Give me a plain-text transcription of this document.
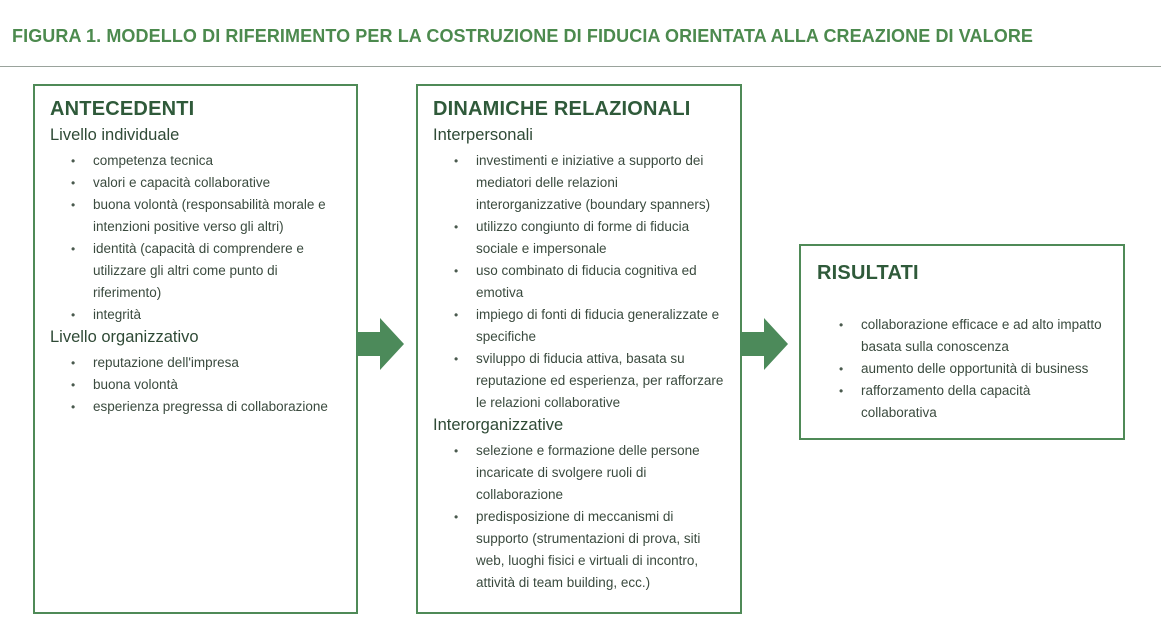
FIGURA 1. MODELLO DI RIFERIMENTO PER LA COSTRUZIONE DI FIDUCIA ORIENTATA ALLA CREAZIONE DI VALORE
ANTECEDENTI
Livello individuale
•	competenza tecnica
•	valori e capacità collaborative
•	buona volontà (responsabilità morale e intenzioni positive verso gli altri)
•	identità (capacità di comprendere e utilizzare gli altri come punto di riferimento)
•	integrità
Livello organizzativo
•	reputazione dell'impresa
•	buona volontà
•	esperienza pregressa di collaborazione
DINAMICHE RELAZIONALI
Interpersonali
•	investimenti e iniziative a supporto dei mediatori delle relazioni interorganizzative (boundary spanners)
•	utilizzo congiunto di forme di fiducia sociale e impersonale
•	uso combinato di fiducia cognitiva ed emotiva
•	impiego di fonti di fiducia generalizzate e specifiche
•	sviluppo di fiducia attiva, basata su reputazione ed esperienza, per rafforzare le relazioni collaborative
Interorganizzative
•	selezione e formazione delle persone incaricate di svolgere ruoli di collaborazione
•	predisposizione di meccanismi di supporto (strumentazioni di prova, siti web, luoghi fisici e virtuali di incontro, attività di team building, ecc.)
RISULTATI
•	collaborazione efficace e ad alto impatto basata sulla conoscenza
•	aumento delle opportunità di business
•	rafforzamento della capacità collaborativa
